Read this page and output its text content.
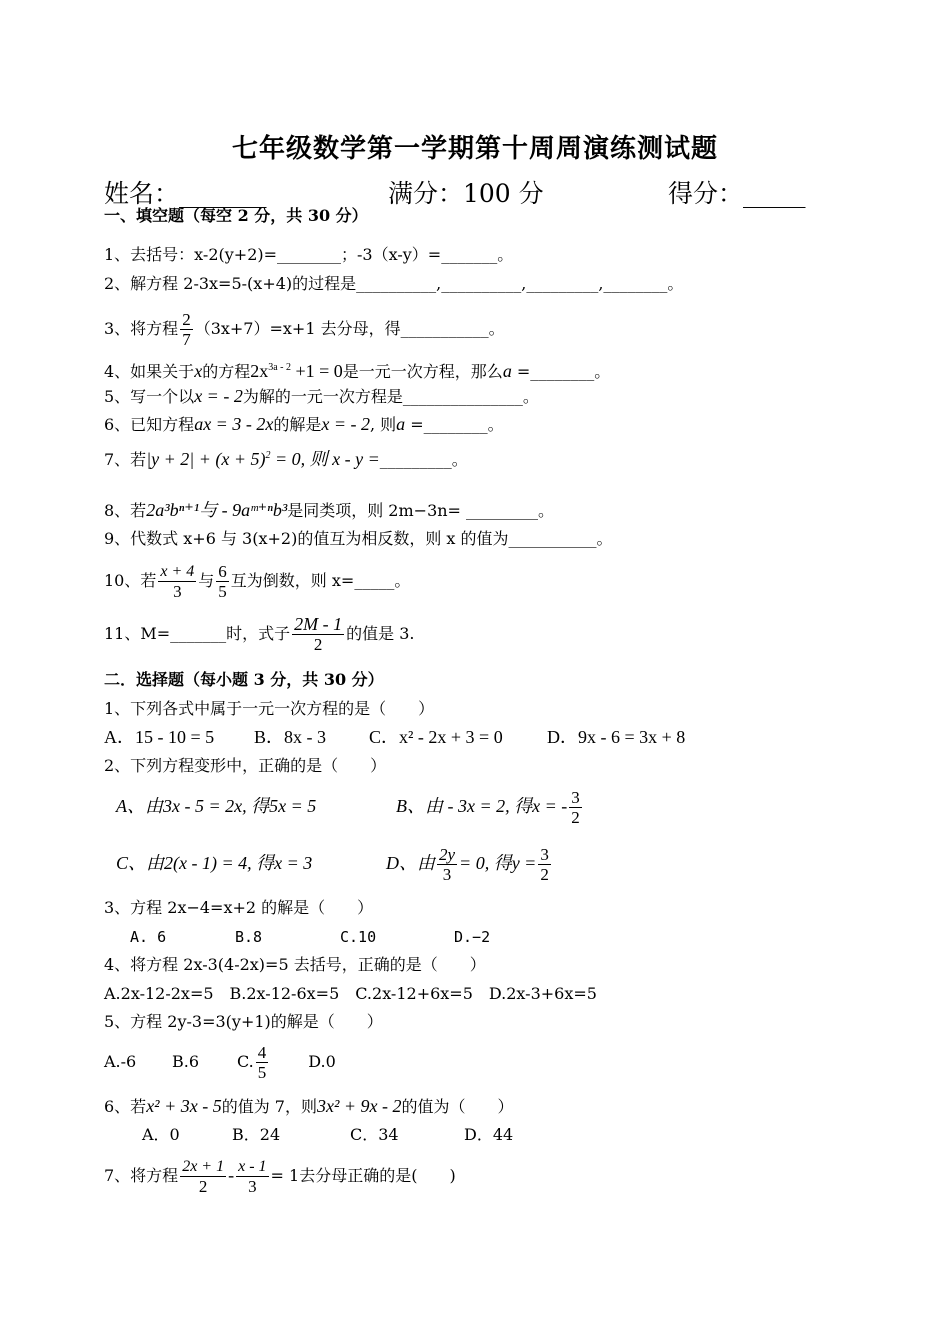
七年级数学第一学期第十周周演练测试题
姓名：_______	满分：100 分	得分：_____
一、填空题（每空 2 分，共 30 分）
1、去括号：x-2(y+2)=________；-3（x-y）=_______。
2、解方程 2-3x=5-(x+4)的过程是__________,__________,_________,________。
3、将方程 $\frac{2}{7} (3x+7)=x+1$ 去分母，得___________。
4、如果关于x的方程$2x^{3a - 2} +1 = 0$是一元一次方程，那么a =________。
5、写一个以x = - 2为解的一元一次方程是_______________。
6、已知方程ax = 3 - 2x的解是x = - 2, 则a =________。
7、若$|y + 2| + (x + 5)^2 = 0$, 则 x - y =_________。
8、若2a³bⁿ⁺¹与 - 9aᵐ⁺ⁿb³是同类项，则 2m−3n= _________。
9、代数式 x+6 与 3(x+2)的值互为相反数，则 x 的值为___________。
10、若 $\frac{x + 4}{3}$ 与 $\frac{6}{5}$ 互为倒数，则 x=_____。
11、M=_______时，式子 $\frac{2M - 1}{2}$ 的值是 3.
二．选择题（每小题 3 分，共 30 分）
1、下列各式中属于一元一次方程的是（　　）
A．15 - 10 = 5 B．8x - 3 C．x² - 2x + 3 = 0 D．9x - 6 = 3x + 8
2、下列方程变形中，正确的是（　　）
A、由3x - 5 = 2x, 得5x = 5	B、由 - 3x = 2, 得x = - $\frac{3}{2}$
C、由2(x - 1) = 4, 得x = 3	D、由 $\frac{2y}{3} = 0$, 得$y = \frac{3}{2}$
3、方程 2x−4=x+2 的解是（　　）
A. 6	B.8	C.10	D.−2
4、将方程 2x-3(4-2x)=5 去括号，正确的是（　　）
A.2x-12-2x=5　B.2x-12-6x=5　C.2x-12+6x=5　D.2x-3+6x=5
5、方程 2y-3=3(y+1)的解是（　　）
A.-6 B.6 C. $\frac{4}{5}$	D.0
6、若x² + 3x - 5的值为 7，则3x² + 9x - 2的值为（　　）
A．0	B．24	C．34	D．44
7、将方程 $\frac{2x + 1}{2} - \frac{x - 1}{3} = 1$去分母正确的是(　　)
